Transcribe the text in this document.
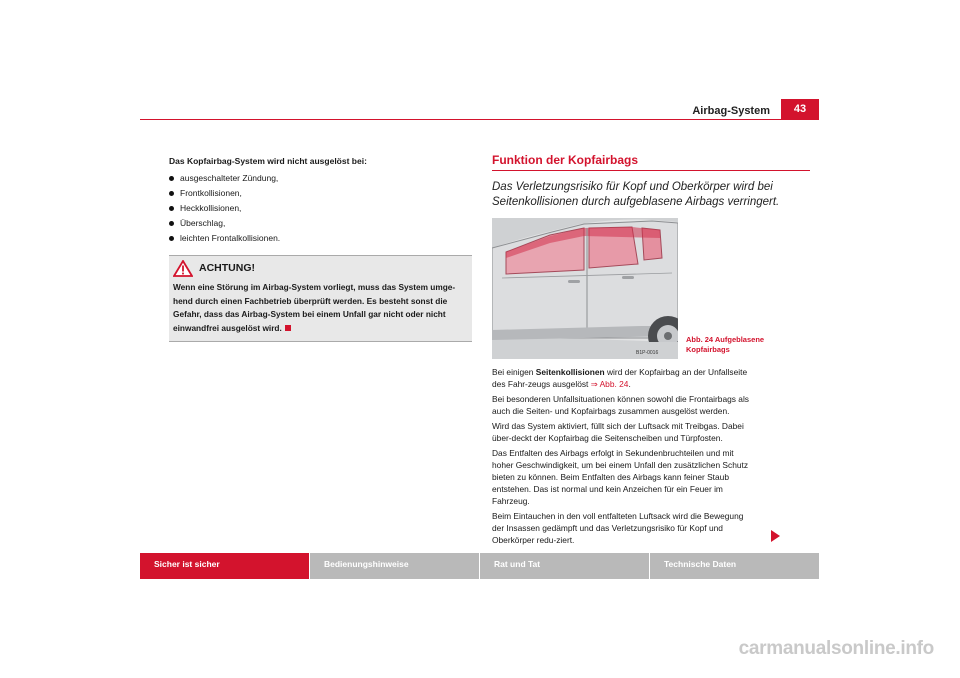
Airbag-System	43

Das Kopfairbag-System wird nicht ausgelöst bei:

ausgeschalteter Zündung,
Frontkollisionen,
Heckkollisionen,
Überschlag,
leichten Frontalkollisionen.
ACHTUNG!
Wenn eine Störung im Airbag-System vorliegt, muss das System umge-hend durch einen Fachbetrieb überprüft werden. Es besteht sonst die Gefahr, dass das Airbag-System bei einem Unfall gar nicht oder nicht einwandfrei ausgelöst wird.
Funktion der Kopfairbags

Das Verletzungsrisiko für Kopf und Oberkörper wird bei Seitenkollisionen durch aufgeblasene Airbags verringert.

B1P-0016
Abb. 24 Aufgeblasene Kopfairbags

Bei einigen Seitenkollisionen wird der Kopfairbag an der Unfallseite des Fahr-zeugs ausgelöst ⇒ Abb. 24.

Bei besonderen Unfallsituationen können sowohl die Frontairbags als auch die Seiten- und Kopfairbags zusammen ausgelöst werden.

Wird das System aktiviert, füllt sich der Luftsack mit Treibgas. Dabei über-deckt der Kopfairbag die Seitenscheiben und Türpfosten.

Das Entfalten des Airbags erfolgt in Sekundenbruchteilen und mit hoher Geschwindigkeit, um bei einem Unfall den zusätzlichen Schutz bieten zu können. Beim Entfalten des Airbags kann feiner Staub entstehen. Das ist normal und kein Anzeichen für ein Feuer im Fahrzeug.

Beim Eintauchen in den voll entfalteten Luftsack wird die Bewegung der Insassen gedämpft und das Verletzungsrisiko für Kopf und Oberkörper redu-ziert.

Sicher ist sicher	Bedienungshinweise	Rat und Tat	Technische Daten
carmanualsonline.info
